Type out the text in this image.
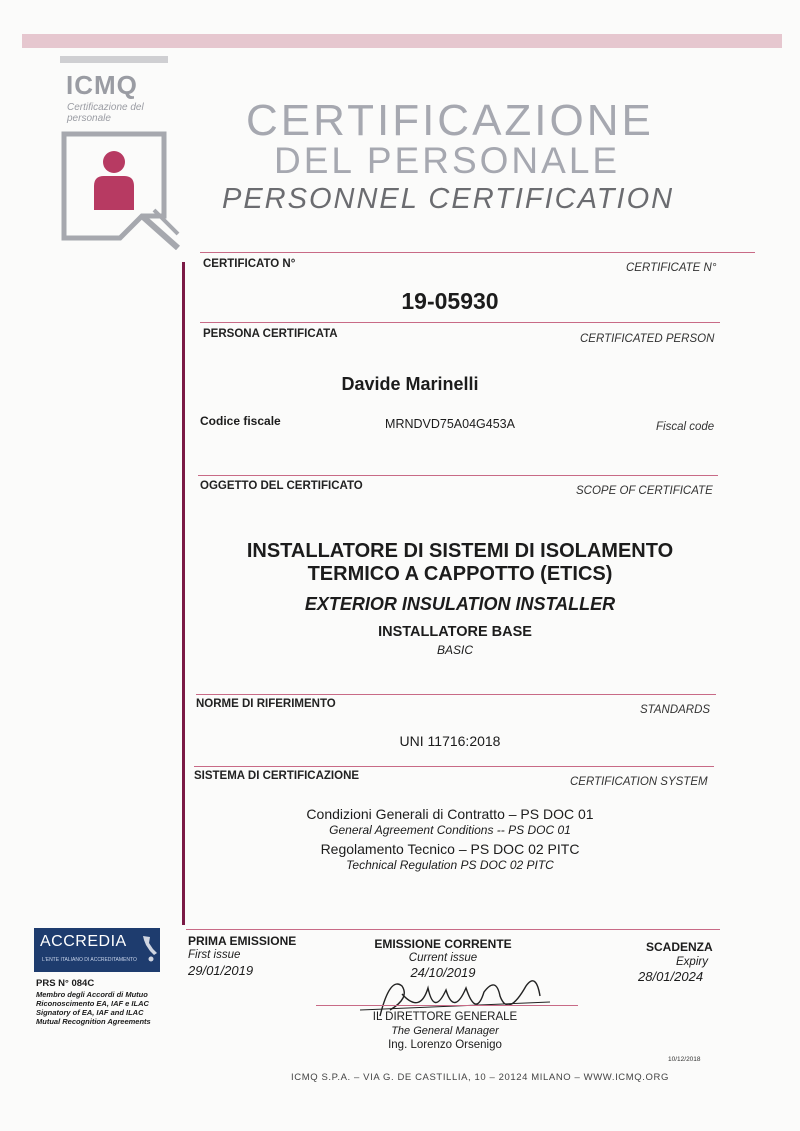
ICMQ
Certificazione del personale	CERTIFICAZIONE
DEL PERSONALE
PERSONNEL CERTIFICATION
CERTIFICATO N°	CERTIFICATE N°
19-05930
PERSONA CERTIFICATA	CERTIFICATED PERSON
Davide Marinelli
Codice fiscale	MRNDVD75A04G453A	Fiscal code
OGGETTO DEL CERTIFICATO	SCOPE OF CERTIFICATE
INSTALLATORE DI SISTEMI DI ISOLAMENTO
TERMICO A CAPPOTTO (ETICS)
EXTERIOR INSULATION INSTALLER
INSTALLATORE BASE
BASIC
NORME DI RIFERIMENTO	STANDARDS
UNI 11716:2018
SISTEMA DI CERTIFICAZIONE	CERTIFICATION SYSTEM
Condizioni Generali di Contratto – PS DOC 01
General Agreement Conditions -- PS DOC 01
Regolamento Tecnico – PS DOC 02 PITC
Technical Regulation PS DOC 02 PITC
PRIMA EMISSIONE
First issue
29/01/2019
EMISSIONE CORRENTE
Current issue
24/10/2019
SCADENZA
Expiry
28/01/2024
IL DIRETTORE GENERALE
The General Manager
Ing. Lorenzo Orsenigo
ACCREDIA
L'ENTE ITALIANO DI ACCREDITAMENTO
PRS N° 084C
Membro degli Accordi di Mutuo
Riconoscimento EA, IAF e ILAC
Signatory of EA, IAF and ILAC
Mutual Recognition Agreements
10/12/2018
ICMQ S.P.A. – VIA G. DE CASTILLIA, 10 – 20124 MILANO – WWW.ICMQ.ORG
